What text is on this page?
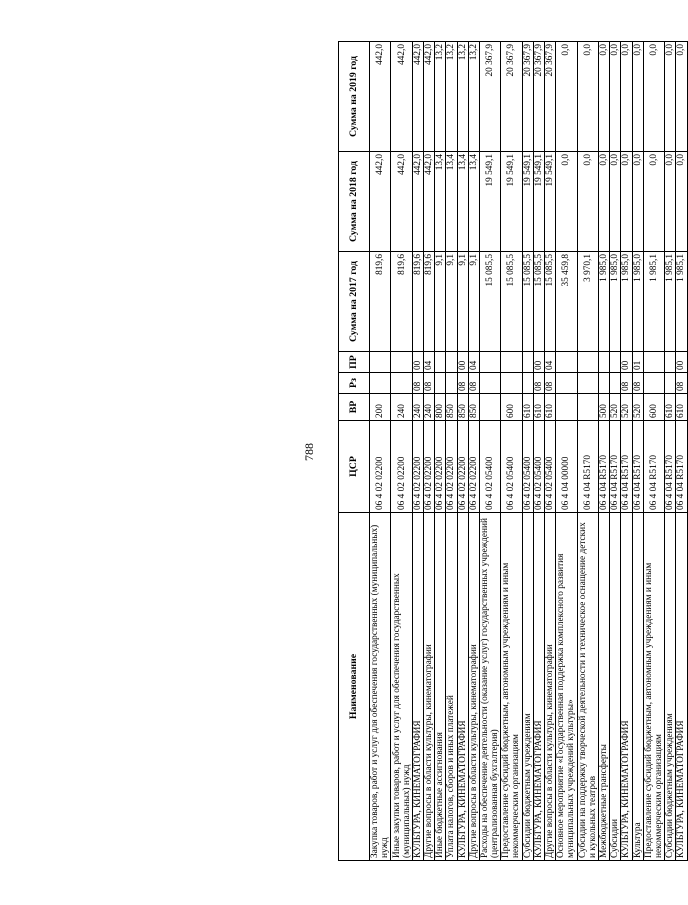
788
Наименование	ЦСР	ВР	Рз	ПР	Сумма на 2017 год	Сумма на 2018 год	Сумма на 2019 год
Закупка товаров, работ и услуг для обеспечения государственных (муниципальных) нужд	06 4 02 02200	200			819,6	442,0	442,0
Иные закупки товаров, работ и услуг для обеспечения государственных (муниципальных) нужд	06 4 02 02200	240			819,6	442,0	442,0
КУЛЬТУРА, КИНЕМАТОГРАФИЯ	06 4 02 02200	240	08	00	819,6	442,0	442,0
Другие вопросы в области культуры, кинематографии	06 4 02 02200	240	08	04	819,6	442,0	442,0
Иные бюджетные ассигнования	06 4 02 02200	800			9,1	13,4	13,2
Уплата налогов, сборов и иных платежей	06 4 02 02200	850			9,1	13,4	13,2
КУЛЬТУРА, КИНЕМАТОГРАФИЯ	06 4 02 02200	850	08	00	9,1	13,4	13,2
Другие вопросы в области культуры, кинематографии	06 4 02 02200	850	08	04	9,1	13,4	13,2
Расходы на обеспечение деятельности (оказание услуг) государственных учреждений (централизованная бухгалтерия)	06 4 02 05400				15 085,5	19 549,1	20 367,9
Предоставление субсидий бюджетным, автономным учреждениям и иным некоммерческим организациям	06 4 02 05400	600			15 085,5	19 549,1	20 367,9
Субсидии бюджетным учреждениям	06 4 02 05400	610			15 085,5	19 549,1	20 367,9
КУЛЬТУРА, КИНЕМАТОГРАФИЯ	06 4 02 05400	610	08	00	15 085,5	19 549,1	20 367,9
Другие вопросы в области культуры, кинематографии	06 4 02 05400	610	08	04	15 085,5	19 549,1	20 367,9
Основное мероприятие «Государственная поддержка комплексного развития муниципальных учреждений культуры»	06 4 04 00000				35 459,8	0,0	0,0
Субсидии на поддержку творческой деятельности и техническое оснащение детских и кукольных театров	06 4 04 R5170				3 970,1	0,0	0,0
Межбюджетные трансферты	06 4 04 R5170	500			1 985,0	0,0	0,0
Субсидии	06 4 04 R5170	520			1 985,0	0,0	0,0
КУЛЬТУРА, КИНЕМАТОГРАФИЯ	06 4 04 R5170	520	08	00	1 985,0	0,0	0,0
Культура	06 4 04 R5170	520	08	01	1 985,0	0,0	0,0
Предоставление субсидий бюджетным, автономным учреждениям и иным некоммерческим организациям	06 4 04 R5170	600			1 985,1	0,0	0,0
Субсидии бюджетным учреждениям	06 4 04 R5170	610			1 985,1	0,0	0,0
КУЛЬТУРА, КИНЕМАТОГРАФИЯ	06 4 04 R5170	610	08	00	1 985,1	0,0	0,0
